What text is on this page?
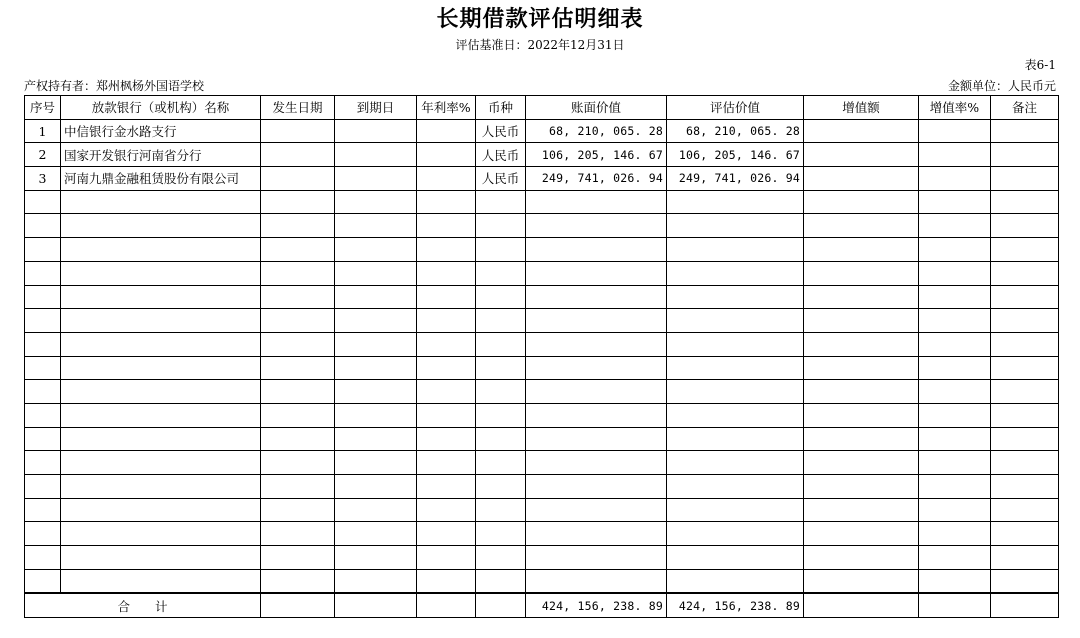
长期借款评估明细表
评估基准日：2022年12月31日
表6-1
产权持有者：郑州枫杨外国语学校	金额单位：人民币元
序号	放款银行（或机构）名称	发生日期	到期日	年利率%	币种	账面价值	评估价值	增值额	增值率%	备注
1	中信银行金水路支行				人民币	68, 210, 065. 28	68, 210, 065. 28			
2	国家开发银行河南省分行				人民币	106, 205, 146. 67	106, 205, 146. 67			
3	河南九鼎金融租赁股份有限公司				人民币	249, 741, 026. 94	249, 741, 026. 94			

合　　计						424, 156, 238. 89	424, 156, 238. 89			
